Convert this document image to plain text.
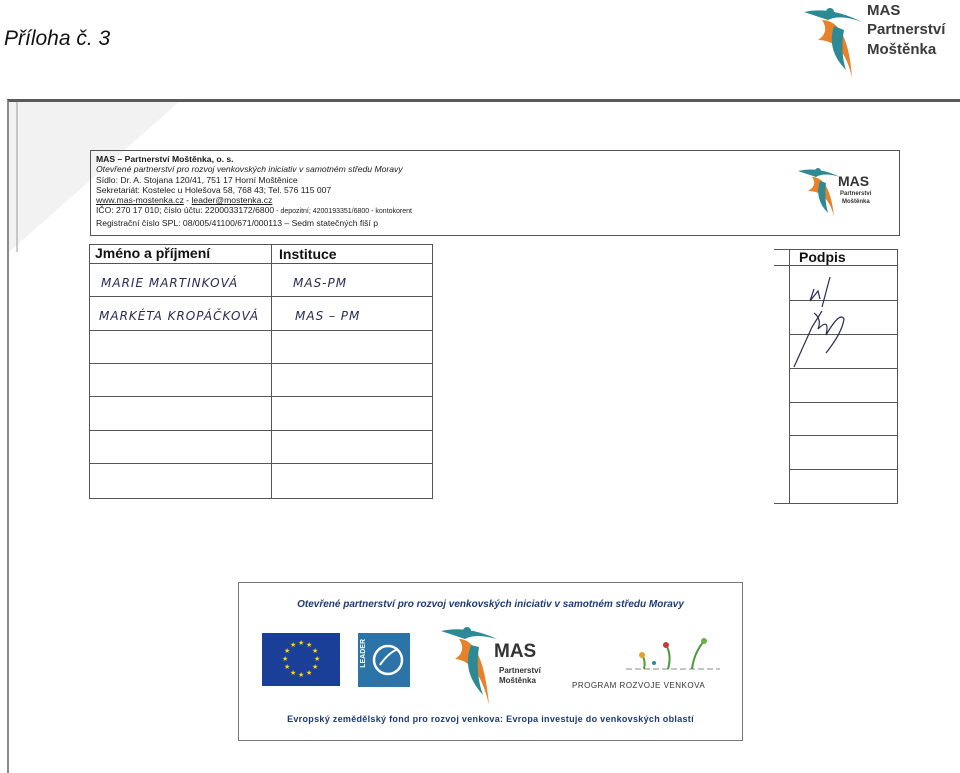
Příloha č. 3
MAS
Partnerství
Moštěnka
MAS – Partnerství Moštěnka, o. s.
Otevřené partnerství pro rozvoj venkovských iniciativ v samotném středu Moravy
Sídlo: Dr. A. Stojana 120/41, 751 17 Horní Moštěnice
Sekretariát: Kostelec u Holešova 58, 768 43; Tel. 576 115 007
www.mas-mostenka.cz - leader@mostenka.cz
IČO: 270 17 010; číslo účtu: 2200033172/6800 - depozitní; 4200193351/6800 - kontokorent
Registrační číslo SPL: 08/005/41100/671/000113 – Sedm statečných fiší p
MAS
Partnerství
Moštěnka
Jméno a příjmení	Instituce
MARIE MARTINKOVÁ	MAS-PM
MARKÉTA KROPÁČKOVÁ	MAS – PM
Podpis
Otevřené partnerství pro rozvoj venkovských iniciativ v samotném středu Moravy
★ ★
★
★
★
★
★
★
★
★
★
★	LEADER	MAS
Partnerství
Moštěnka
PROGRAM ROZVOJE VENKOVA
Evropský zemědělský fond pro rozvoj venkova: Evropa investuje do venkovských oblastí
